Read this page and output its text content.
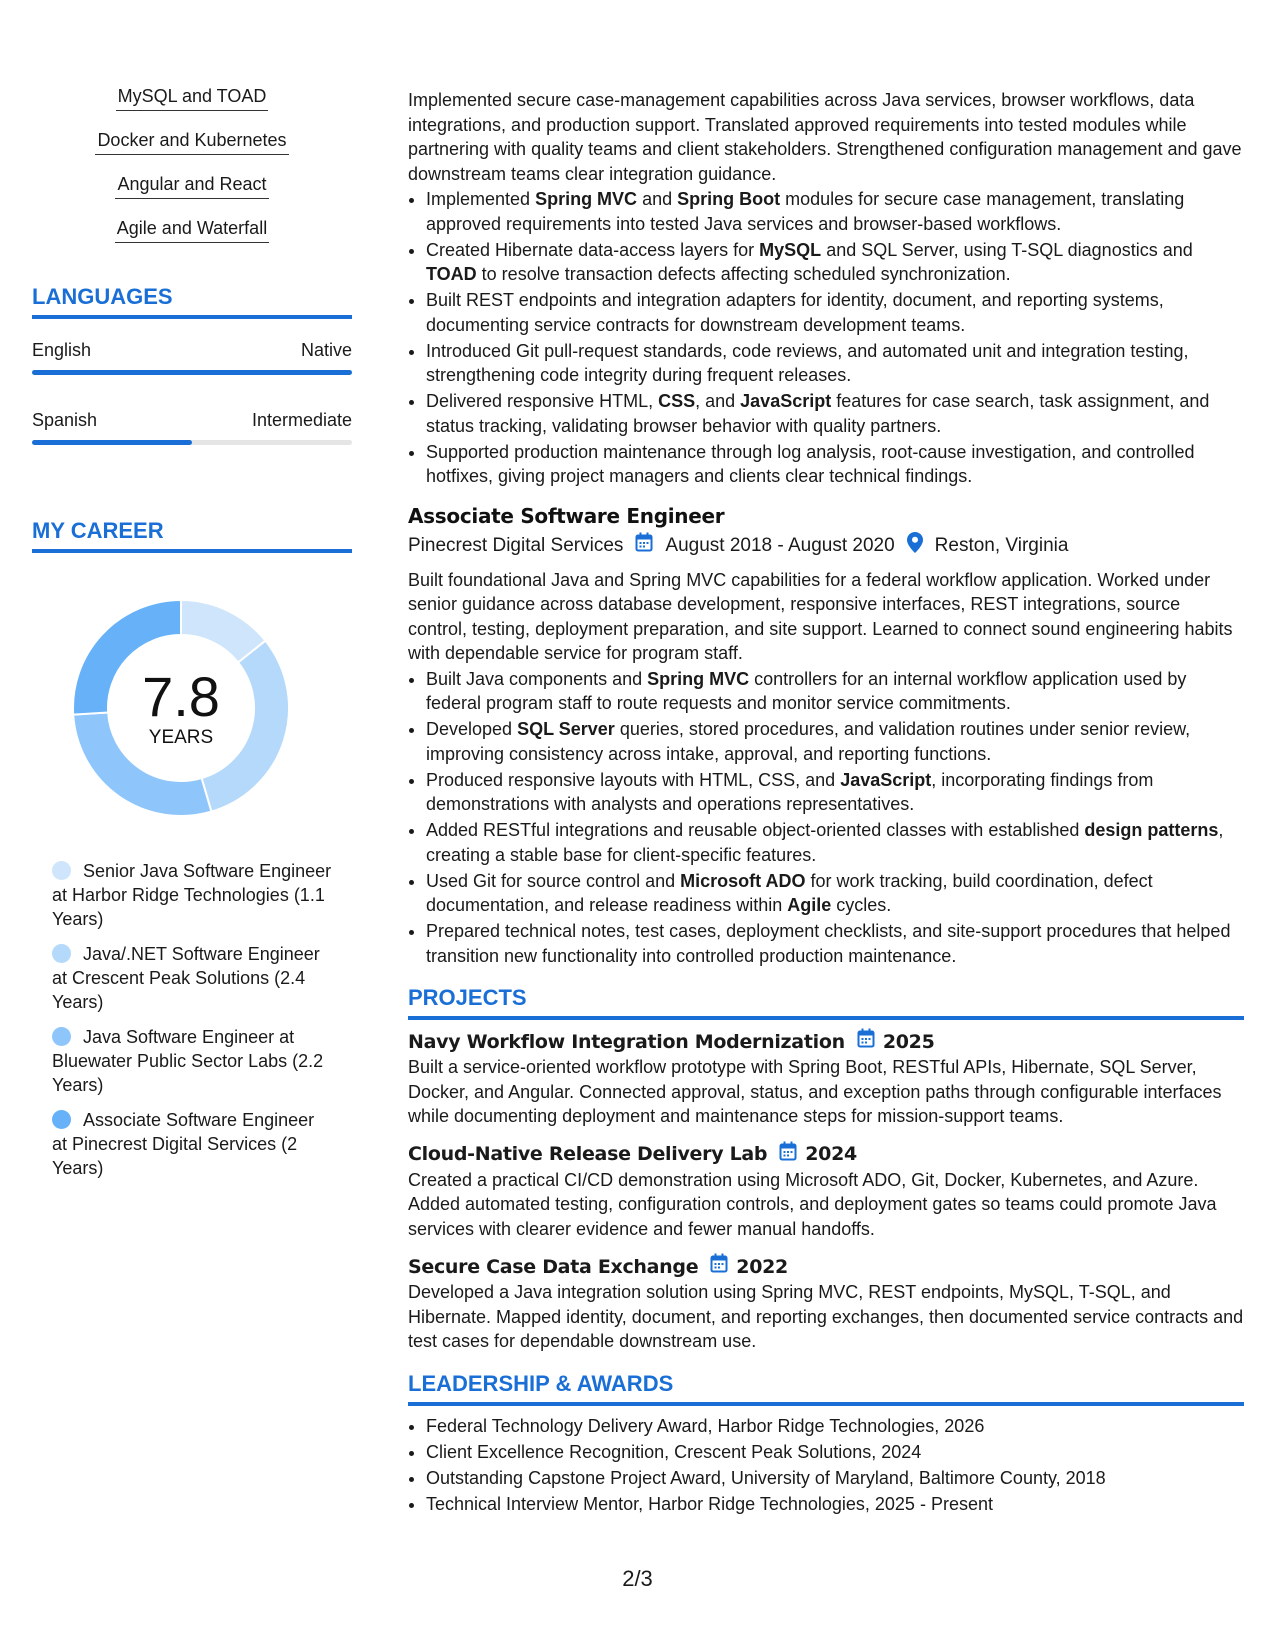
MySQL and TOAD
Docker and Kubernetes
Angular and React
Agile and Waterfall
LANGUAGES
English	Native
Spanish	Intermediate
MY CAREER
7.8
YEARS
Senior Java Software Engineer at Harbor Ridge Technologies (1.1 Years)
Java/.NET Software Engineer at Crescent Peak Solutions (2.4 Years)
Java Software Engineer at Bluewater Public Sector Labs (2.2 Years)
Associate Software Engineer at Pinecrest Digital Services (2 Years)

Implemented secure case-management capabilities across Java services, browser workflows, data integrations, and production support. Translated approved requirements into tested modules while partnering with quality teams and client stakeholders. Strengthened configuration management and gave downstream teams clear integration guidance.

• Implemented Spring MVC and Spring Boot modules for secure case management, translating approved requirements into tested Java services and browser-based workflows.
• Created Hibernate data-access layers for MySQL and SQL Server, using T-SQL diagnostics and TOAD to resolve transaction defects affecting scheduled synchronization.
• Built REST endpoints and integration adapters for identity, document, and reporting systems, documenting service contracts for downstream development teams.
• Introduced Git pull-request standards, code reviews, and automated unit and integration testing, strengthening code integrity during frequent releases.
• Delivered responsive HTML, CSS, and JavaScript features for case search, task assignment, and status tracking, validating browser behavior with quality partners.
• Supported production maintenance through log analysis, root-cause investigation, and controlled hotfixes, giving project managers and clients clear technical findings.
Associate Software Engineer
Pinecrest Digital Services August 2018 - August 2020 Reston, Virginia

Built foundational Java and Spring MVC capabilities for a federal workflow application. Worked under senior guidance across database development, responsive interfaces, REST integrations, source control, testing, deployment preparation, and site support. Learned to connect sound engineering habits with dependable service for program staff.

• Built Java components and Spring MVC controllers for an internal workflow application used by federal program staff to route requests and monitor service commitments.
• Developed SQL Server queries, stored procedures, and validation routines under senior review, improving consistency across intake, approval, and reporting functions.
• Produced responsive layouts with HTML, CSS, and JavaScript, incorporating findings from demonstrations with analysts and operations representatives.
• Added RESTful integrations and reusable object-oriented classes with established design patterns, creating a stable base for client-specific features.
• Used Git for source control and Microsoft ADO for work tracking, build coordination, defect documentation, and release readiness within Agile cycles.
• Prepared technical notes, test cases, deployment checklists, and site-support procedures that helped transition new functionality into controlled production maintenance.
PROJECTS
Navy Workflow Integration Modernization 2025

Built a service-oriented workflow prototype with Spring Boot, RESTful APIs, Hibernate, SQL Server, Docker, and Angular. Connected approval, status, and exception paths through configurable interfaces while documenting deployment and maintenance steps for mission-support teams.

Cloud-Native Release Delivery Lab 2024

Created a practical CI/CD demonstration using Microsoft ADO, Git, Docker, Kubernetes, and Azure. Added automated testing, configuration controls, and deployment gates so teams could promote Java services with clearer evidence and fewer manual handoffs.

Secure Case Data Exchange 2022

Developed a Java integration solution using Spring MVC, REST endpoints, MySQL, T-SQL, and Hibernate. Mapped identity, document, and reporting exchanges, then documented service contracts and test cases for dependable downstream use.

LEADERSHIP & AWARDS
• Federal Technology Delivery Award, Harbor Ridge Technologies, 2026
• Client Excellence Recognition, Crescent Peak Solutions, 2024
• Outstanding Capstone Project Award, University of Maryland, Baltimore County, 2018
• Technical Interview Mentor, Harbor Ridge Technologies, 2025 - Present
2/3
